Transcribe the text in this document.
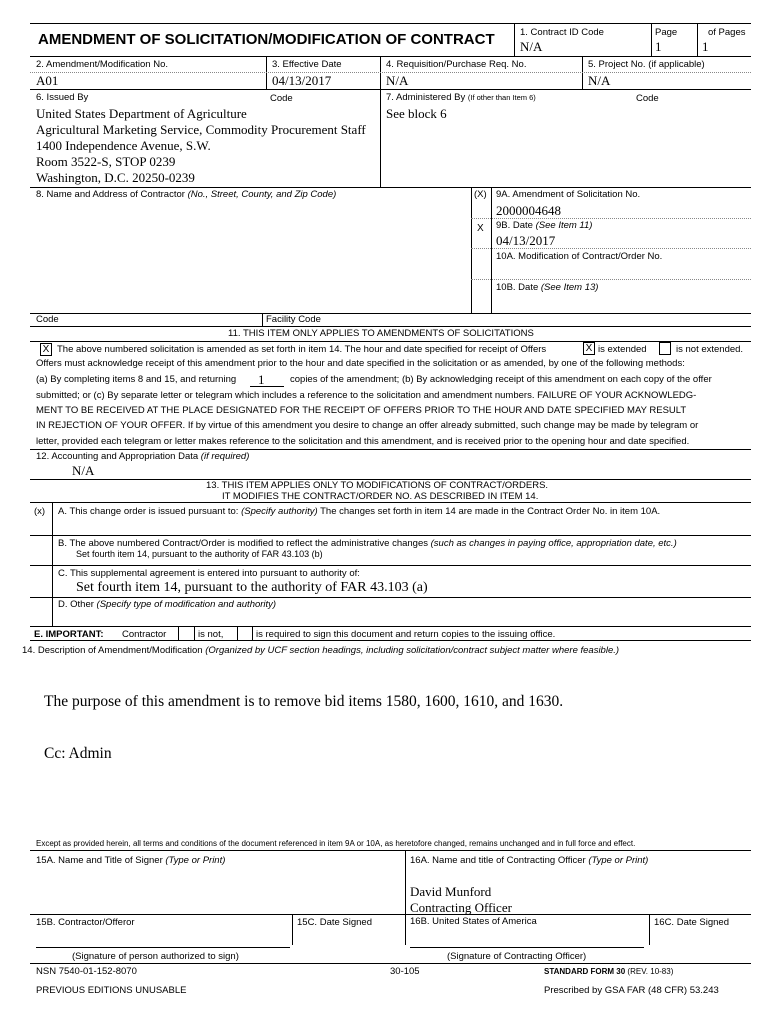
AMENDMENT OF SOLICITATION/MODIFICATION OF CONTRACT	1. Contract ID Code
N/A
Page
1
of Pages
1
2. Amendment/Modification No.
A01
3. Effective Date
04/13/2017
4. Requisition/Purchase Req. No.
N/A
5. Project No. (if applicable)
N/A
6. Issued By	Code
United States Department of Agriculture
Agricultural Marketing Service, Commodity Procurement Staff
1400 Independence Avenue, S.W.
Room 3522-S, STOP 0239
Washington, D.C. 20250-0239
7. Administered By (If other than Item 6)	Code
See block 6
8. Name and Address of Contractor (No., Street, County, and Zip Code)	(X) 9A. Amendment of Solicitation No.
2000004648
X 9B. Date (See Item 11)
04/13/2017
10A. Modification of Contract/Order No.
10B. Date (See Item 13)
Code	Facility Code
11. THIS ITEM ONLY APPLIES TO AMENDMENTS OF SOLICITATIONS
X The above numbered solicitation is amended as set forth in item 14. The hour and date specified for receipt of Offers	X is extended	is not extended.
Offers must acknowledge receipt of this amendment prior to the hour and date specified in the solicitation or as amended, by one of the following methods:
(a) By completing items 8 and 15, and returning 1	copies of the amendment; (b) By acknowledging receipt of this amendment on each copy of the offer
submitted; or (c) By separate letter or telegram which includes a reference to the solicitation and amendment numbers. FAILURE OF YOUR ACKNOWLEDG-
MENT TO BE RECEIVED AT THE PLACE DESIGNATED FOR THE RECEIPT OF OFFERS PRIOR TO THE HOUR AND DATE SPECIFIED MAY RESULT
IN REJECTION OF YOUR OFFER. If by virtue of this amendment you desire to change an offer already submitted, such change may be made by telegram or
letter, provided each telegram or letter makes reference to the solicitation and this amendment, and is received prior to the opening hour and date specified.
12. Accounting and Appropriation Data (if required)
N/A
13. THIS ITEM APPLIES ONLY TO MODIFICATIONS OF CONTRACT/ORDERS.
IT MODIFIES THE CONTRACT/ORDER NO. AS DESCRIBED IN ITEM 14.
(x) A. This change order is issued pursuant to: (Specify authority) The changes set forth in item 14 are made in the Contract Order No. in item 10A.
B. The above numbered Contract/Order is modified to reflect the administrative changes (such as changes in paying office, appropriation date, etc.)
Set fourth item 14, pursuant to the authority of FAR 43.103 (b)
C. This supplemental agreement is entered into pursuant to authority of:
Set fourth item 14, pursuant to the authority of FAR 43.103 (a)
D. Other (Specify type of modification and authority)
E. IMPORTANT: Contractor	is not,	is required to sign this document and return copies to the issuing office.
14. Description of Amendment/Modification (Organized by UCF section headings, including solicitation/contract subject matter where feasible.)
The purpose of this amendment is to remove bid items 1580, 1600, 1610, and 1630.
Cc: Admin
Except as provided herein, all terms and conditions of the document referenced in item 9A or 10A, as heretofore changed, remains unchanged and in full force and effect.
15A. Name and Title of Signer (Type or Print)	16A. Name and title of Contracting Officer (Type or Print)
David Munford
Contracting Officer
15B. Contractor/Offeror	15C. Date Signed	16B. United States of America	16C. Date Signed
(Signature of person authorized to sign)	(Signature of Contracting Officer)
NSN 7540-01-152-8070	30-105	STANDARD FORM 30 (REV. 10-83)
PREVIOUS EDITIONS UNUSABLE	Prescribed by GSA FAR (48 CFR) 53.243
